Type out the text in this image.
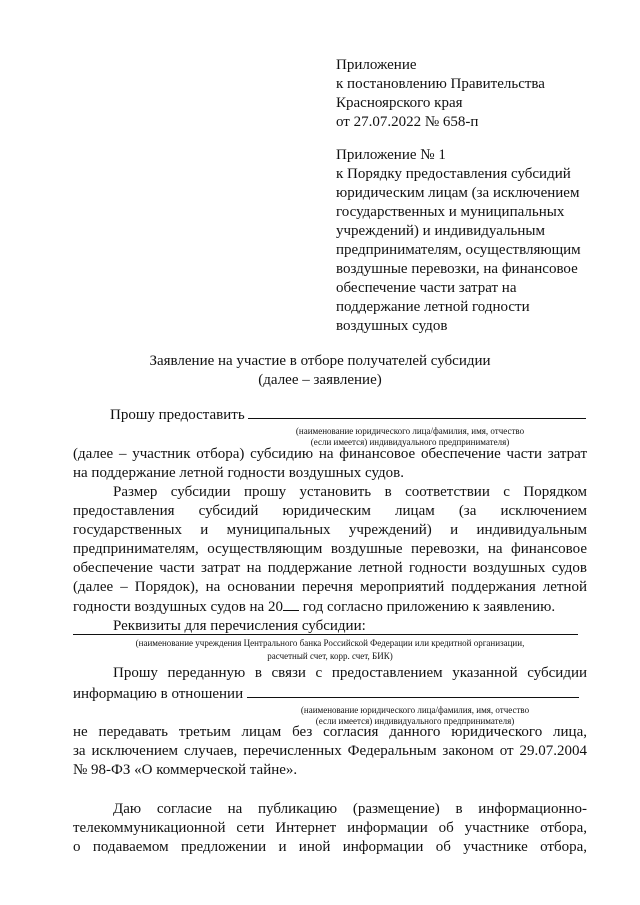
Приложение
к постановлению Правительства
Красноярского края
от 27.07.2022 № 658-п
Приложение № 1
к Порядку предоставления субсидий
юридическим лицам (за исключением
государственных и муниципальных
учреждений) и индивидуальным
предпринимателям, осуществляющим
воздушные перевозки, на финансовое
обеспечение части затрат на
поддержание летной годности
воздушных судов
Заявление на участие в отборе получателей субсидии
(далее – заявление)
Прошу предоставить
(наименование юридического лица/фамилия, имя, отчество
(если имеется) индивидуального предпринимателя)
(далее – участник отбора) субсидию на финансовое обеспечение части затрат
на поддержание летной годности воздушных судов.
Размер субсидии прошу установить в соответствии с Порядком
предоставления субсидий юридическим лицам (за исключением
государственных и муниципальных учреждений) и индивидуальным
предпринимателям, осуществляющим воздушные перевозки, на финансовое
обеспечение части затрат на поддержание летной годности воздушных судов
(далее – Порядок), на основании перечня мероприятий поддержания летной
годности воздушных судов на 20 год согласно приложению к заявлению.
Реквизиты для перечисления субсидии:
(наименование учреждения Центрального банка Российской Федерации или кредитной организации,
расчетный счет, корр. счет, БИК)
Прошу переданную в связи с предоставлением указанной субсидии
информацию в отношении
(наименование юридического лица/фамилия, имя, отчество
(если имеется) индивидуального предпринимателя)
не передавать третьим лицам без согласия данного юридического лица,
за исключением случаев, перечисленных Федеральным законом от 29.07.2004
№ 98-ФЗ «О коммерческой тайне».
Даю согласие на публикацию (размещение) в информационно-
телекоммуникационной сети Интернет информации об участнике отбора,
о подаваемом предложении и иной информации об участнике отбора,
